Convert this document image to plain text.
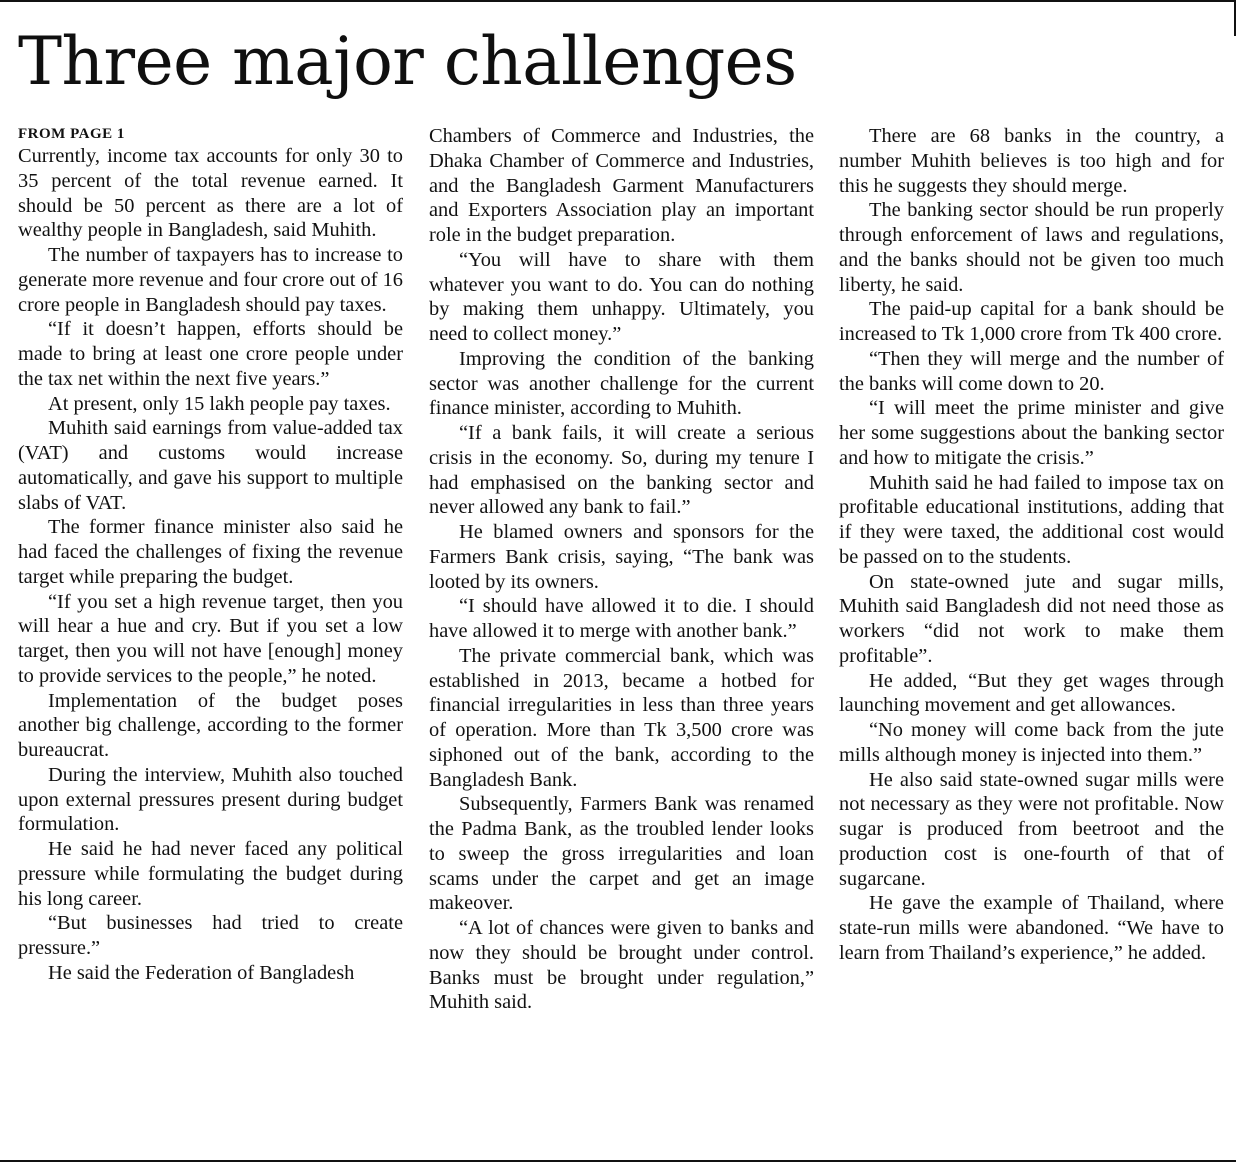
Three major challenges
FROM PAGE 1

Currently, income tax accounts for only 30 to 35 percent of the total revenue earned. It should be 50 percent as there are a lot of wealthy people in Bangladesh, said Muhith.

The number of taxpayers has to increase to generate more revenue and four crore out of 16 crore people in Bangladesh should pay taxes.

“If it doesn’t happen, efforts should be made to bring at least one crore people under the tax net within the next five years.”

At present, only 15 lakh people pay taxes.

Muhith said earnings from value-added tax (VAT) and customs would increase automatically, and gave his support to multiple slabs of VAT.

The former finance minister also said he had faced the challenges of fixing the revenue target while preparing the budget.

“If you set a high revenue target, then you will hear a hue and cry. But if you set a low target, then you will not have [enough] money to provide services to the people,” he noted.

Implementation of the budget poses another big challenge, according to the former bureaucrat.

During the interview, Muhith also touched upon external pressures present during budget formulation.

He said he had never faced any political pressure while formulating the budget during his long career.

“But businesses had tried to create pressure.”

He said the Federation of Bangladesh

Chambers of Commerce and Industries, the Dhaka Chamber of Commerce and Industries, and the Bangladesh Garment Manufacturers and Exporters Association play an important role in the budget preparation.

“You will have to share with them whatever you want to do. You can do nothing by making them unhappy. Ultimately, you need to collect money.”

Improving the condition of the banking sector was another challenge for the current finance minister, according to Muhith.

“If a bank fails, it will create a serious crisis in the economy. So, during my tenure I had emphasised on the banking sector and never allowed any bank to fail.”

He blamed owners and sponsors for the Farmers Bank crisis, saying, “The bank was looted by its owners.

“I should have allowed it to die. I should have allowed it to merge with another bank.”

The private commercial bank, which was established in 2013, became a hotbed for financial irregularities in less than three years of operation. More than Tk 3,500 crore was siphoned out of the bank, according to the Bangladesh Bank.

Subsequently, Farmers Bank was renamed the Padma Bank, as the troubled lender looks to sweep the gross irregularities and loan scams under the carpet and get an image makeover.

“A lot of chances were given to banks and now they should be brought under control. Banks must be brought under regulation,” Muhith said.

There are 68 banks in the country, a number Muhith believes is too high and for this he suggests they should merge.

The banking sector should be run properly through enforcement of laws and regulations, and the banks should not be given too much liberty, he said.

The paid-up capital for a bank should be increased to Tk 1,000 crore from Tk 400 crore.

“Then they will merge and the number of the banks will come down to 20.

“I will meet the prime minister and give her some suggestions about the banking sector and how to mitigate the crisis.”

Muhith said he had failed to impose tax on profitable educational institutions, adding that if they were taxed, the additional cost would be passed on to the students.

On state-owned jute and sugar mills, Muhith said Bangladesh did not need those as workers “did not work to make them profitable”.

He added, “But they get wages through launching movement and get allowances.

“No money will come back from the jute mills although money is injected into them.”

He also said state-owned sugar mills were not necessary as they were not profitable. Now sugar is produced from beetroot and the production cost is one-fourth of that of sugarcane.

He gave the example of Thailand, where state-run mills were abandoned. “We have to learn from Thailand’s experience,” he added.
